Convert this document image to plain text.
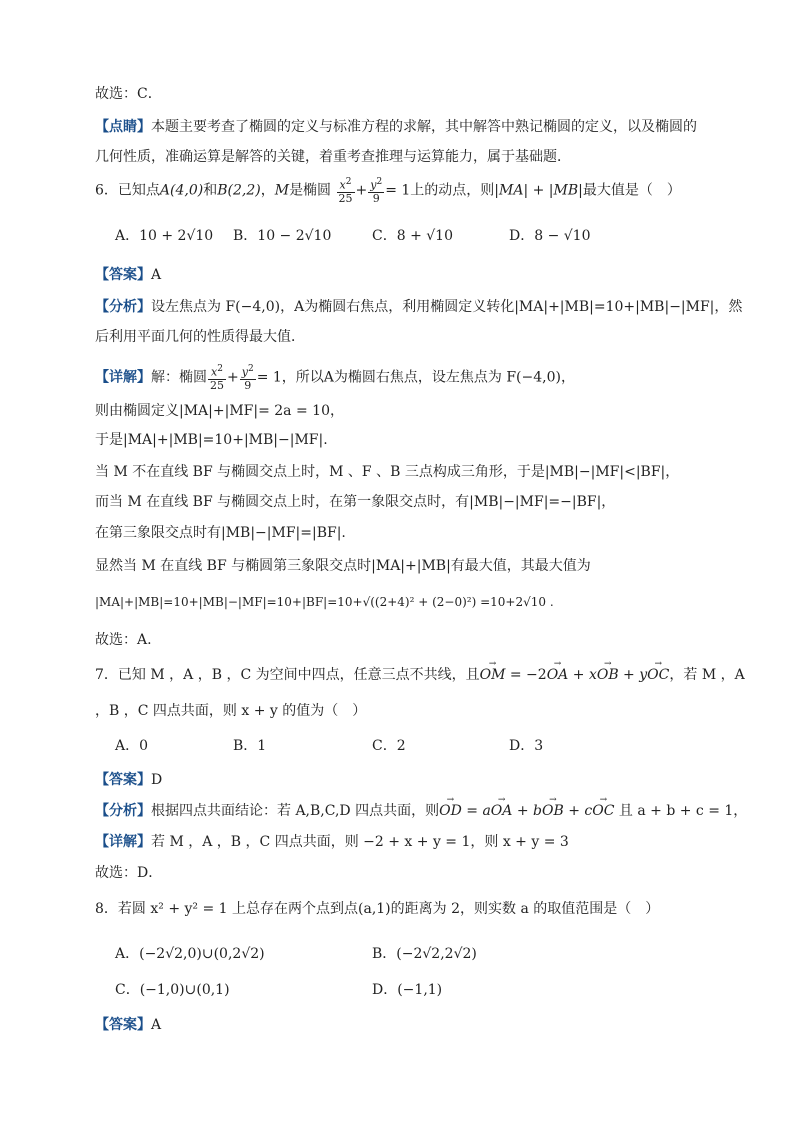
故选：C．
【点睛】本题主要考查了椭圆的定义与标准方程的求解，其中解答中熟记椭圆的定义，以及椭圆的
几何性质，准确运算是解答的关键，着重考查推理与运算能力，属于基础题．
6．已知点A(4,0)和B(2,2)，M是椭圆 $\frac{x^2}{25} + \frac{y^2}{9} = 1$上的动点，则|MA| + |MB|最大值是（　）
A．10 + 2√10 B．10 − 2√10	C．8 + √10	D．8 − √10
【答案】A
【分析】设左焦点为 F(−4,0)，A为椭圆右焦点，利用椭圆定义转化|MA|+|MB|=10+|MB|−|MF|，然
后利用平面几何的性质得最大值．
【详解】解：椭圆 $\frac{x^2}{25} + \frac{y^2}{9} = 1$，所以A为椭圆右焦点，设左焦点为 F(−4,0)，
则由椭圆定义|MA|+|MF|= 2a = 10，
于是|MA|+|MB|=10+|MB|−|MF|.
当 M 不在直线 BF 与椭圆交点上时，M 、F 、B 三点构成三角形，于是|MB|−|MF|<|BF|，
而当 M 在直线 BF 与椭圆交点上时，在第一象限交点时，有|MB|−|MF|=−|BF|，
在第三象限交点时有|MB|−|MF|=|BF|.
显然当 M 在直线 BF 与椭圆第三象限交点时|MA|+|MB|有最大值，其最大值为
|MA|+|MB|=10+|MB|−|MF|=10+|BF|=10+√((2+4)² + (2−0)²) =10+2√10 .
故选：A.
7．已知 M ，A ，B ，C 为空间中四点，任意三点不共线，且→ OM = −2→ OA + x→ OB + y→ OC，若 M ，A
，B ，C 四点共面，则 x + y 的值为（　）
A．0	B．1	C．2	D．3
【答案】D
【分析】根据四点共面结论：若 A,B,C,D 四点共面，则→ OD = a→ OA + b→ OB + c→ OC 且 a + b + c = 1，
【详解】若 M ，A ，B ，C 四点共面，则 −2 + x + y = 1，则 x + y = 3
故选：D．
8．若圆 x² + y² = 1 上总存在两个点到点(a,1)的距离为 2，则实数 a 的取值范围是（　）
A．(−2√2,0)∪(0,2√2)	B．(−2√2,2√2)
C．(−1,0)∪(0,1)	D．(−1,1)
【答案】A
